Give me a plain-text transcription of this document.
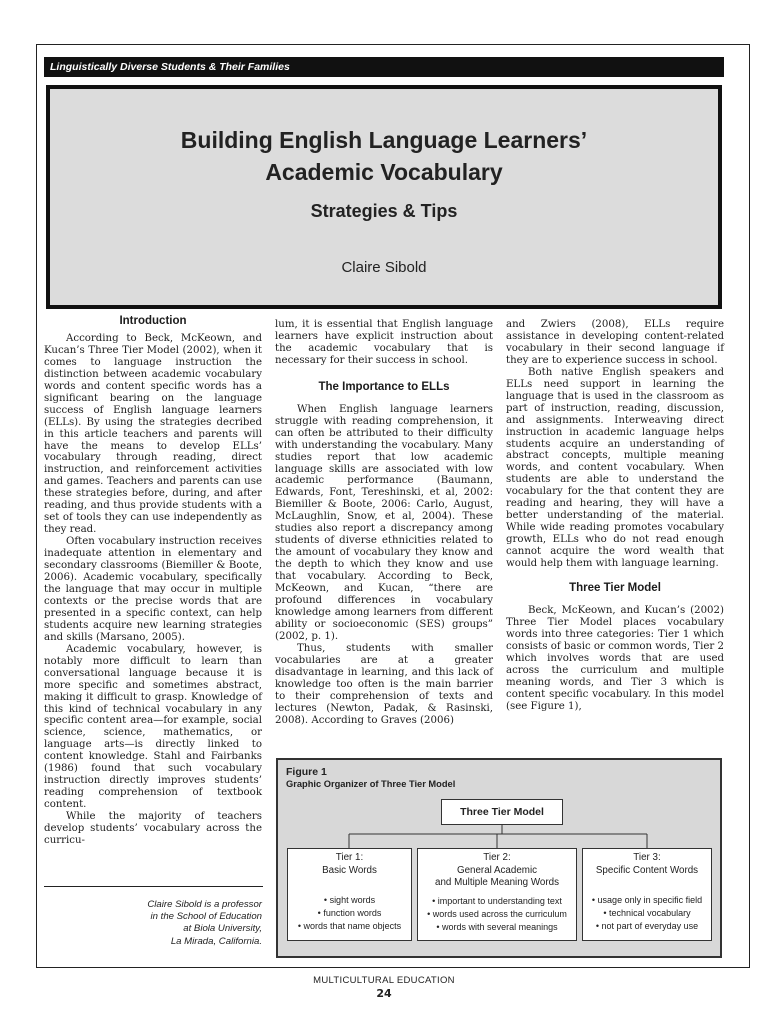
Linguistically Diverse Students & Their Families
Building English Language Learners’
Academic Vocabulary
Strategies & Tips
Claire Sibold
Introduction

According to Beck, McKeown, and Kucan’s Three Tier Model (2002), when it comes to language instruction the distinction between academic vocabulary words and content specific words has a significant bearing on the language success of English language learners (ELLs). By using the strategies decribed in this article teachers and parents will have the means to develop ELLs’ vocabulary through reading, direct instruction, and reinforcement activities and games. Teachers and parents can use these strategies before, during, and after reading, and thus provide students with a set of tools they can use independently as they read.

Often vocabulary instruction receives inadequate attention in elementary and secondary classrooms (Biemiller & Boote, 2006). Academic vocabulary, specifically the language that may occur in multiple contexts or the precise words that are presented in a specific context, can help students acquire new learning strategies and skills (Marsano, 2005).

Academic vocabulary, however, is notably more difficult to learn than conversational language because it is more specific and sometimes abstract, making it difficult to grasp. Knowledge of this kind of technical vocabulary in any specific content area—for example, social science, science, mathematics, or language arts—is directly linked to content knowledge. Stahl and Fairbanks (1986) found that such vocabulary instruction directly improves students’ reading comprehension of textbook content.

While the majority of teachers develop students’ vocabulary across the curricu-

Claire Sibold is a professor
in the School of Education
at Biola University,
La Mirada, California.

lum, it is essential that English language learners have explicit instruction about the academic vocabulary that is necessary for their success in school.

The Importance to ELLs

When English language learners struggle with reading comprehension, it can often be attributed to their difficulty with understanding the vocabulary. Many studies report that low academic language skills are associated with low academic performance (Baumann, Edwards, Font, Tereshinski, et al, 2002: Biemiller & Boote, 2006: Carlo, August, McLaughlin, Snow, et al, 2004). These studies also report a discrepancy among students of diverse ethnicities related to the amount of vocabulary they know and the depth to which they know and use that vocabulary. According to Beck, McKeown, and Kucan, “there are profound differences in vocabulary knowledge among learners from different ability or socioeconomic (SES) groups” (2002, p. 1).

Thus, students with smaller vocabularies are at a greater disadvantage in learning, and this lack of knowledge too often is the main barrier to their comprehension of texts and lectures (Newton, Padak, & Rasinski, 2008). According to Graves (2006)

and Zwiers (2008), ELLs require assistance in developing content-related vocabulary in their second language if they are to experience success in school.

Both native English speakers and ELLs need support in learning the language that is used in the classroom as part of instruction, reading, discussion, and assignments. Interweaving direct instruction in academic language helps students acquire an understanding of abstract concepts, multiple meaning words, and content vocabulary. When students are able to understand the vocabulary for the that content they are reading and hearing, they will have a better understanding of the material. While wide reading promotes vocabulary growth, ELLs who do not read enough cannot acquire the word wealth that would help them with language learning.

Three Tier Model

Beck, McKeown, and Kucan’s (2002) Three Tier Model places vocabulary words into three categories: Tier 1 which consists of basic or common words, Tier 2 which involves words that are used across the curriculum and multiple meaning words, and Tier 3 which is content specific vocabulary. In this model (see Figure 1),

Figure 1
Graphic Organizer of Three Tier Model
Three Tier Model
Tier 1:
Basic Words
• sight words
• function words
• words that name objects
Tier 2:
General Academic
and Multiple Meaning Words
• important to understanding text
• words used across the curriculum
• words with several meanings
Tier 3:
Specific Content Words
• usage only in specific field
• technical vocabulary
• not part of everyday use
MULTICULTURAL EDUCATION
24
